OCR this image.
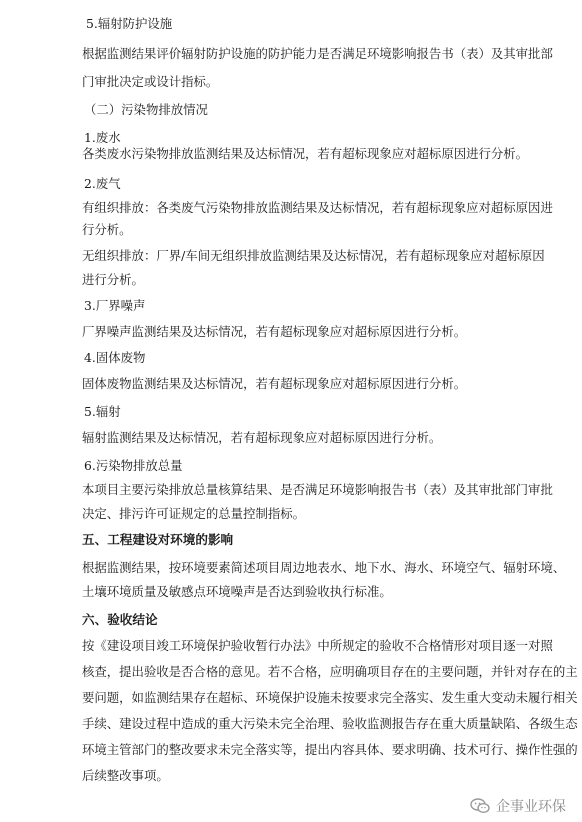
5.辐射防护设施
根据监测结果评价辐射防护设施的防护能力是否满足环境影响报告书（表）及其审批部
门审批决定或设计指标。
（二）污染物排放情况
1.废水
各类废水污染物排放监测结果及达标情况，若有超标现象应对超标原因进行分析。
2.废气
有组织排放：各类废气污染物排放监测结果及达标情况，若有超标现象应对超标原因进
行分析。
无组织排放：厂界/车间无组织排放监测结果及达标情况，若有超标现象应对超标原因
进行分析。
3.厂界噪声
厂界噪声监测结果及达标情况，若有超标现象应对超标原因进行分析。
4.固体废物
固体废物监测结果及达标情况，若有超标现象应对超标原因进行分析。
5.辐射
辐射监测结果及达标情况，若有超标现象应对超标原因进行分析。
6.污染物排放总量
本项目主要污染排放总量核算结果、是否满足环境影响报告书（表）及其审批部门审批
决定、排污许可证规定的总量控制指标。
五、工程建设对环境的影响
根据监测结果，按环境要素简述项目周边地表水、地下水、海水、环境空气、辐射环境、
土壤环境质量及敏感点环境噪声是否达到验收执行标准。
六、验收结论
按《建设项目竣工环境保护验收暂行办法》中所规定的验收不合格情形对项目逐一对照
核查，提出验收是否合格的意见。若不合格，应明确项目存在的主要问题，并针对存在的主
要问题，如监测结果存在超标、环境保护设施未按要求完全落实、发生重大变动未履行相关
手续、建设过程中造成的重大污染未完全治理、验收监测报告存在重大质量缺陷、各级生态
环境主管部门的整改要求未完全落实等，提出内容具体、要求明确、技术可行、操作性强的
后续整改事项。
企事业环保
